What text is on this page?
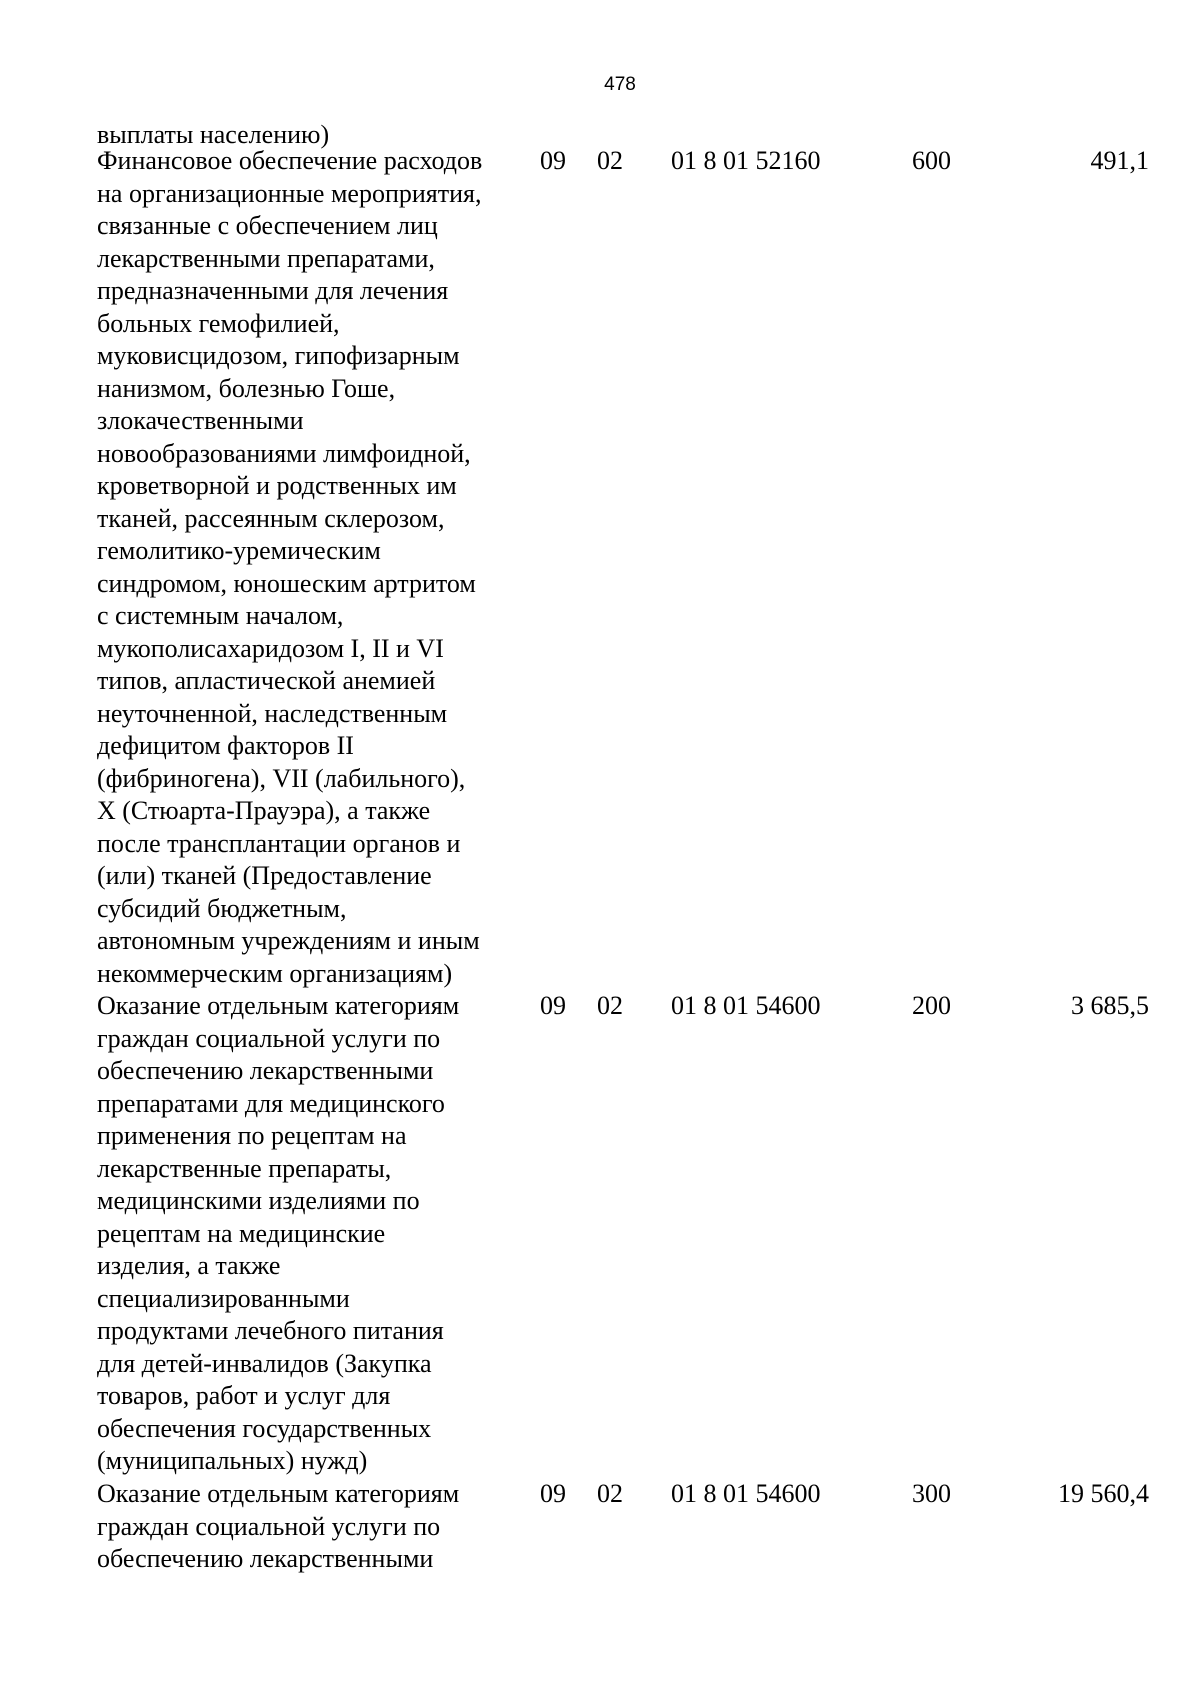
478
выплаты населению)
Финансовое обеспечение расходов
на организационные мероприятия,
связанные с обеспечением лиц
лекарственными препаратами,
предназначенными для лечения
больных гемофилией,
муковисцидозом, гипофизарным
нанизмом, болезнью Гоше,
злокачественными
новообразованиями лимфоидной,
кроветворной и родственных им
тканей, рассеянным склерозом,
гемолитико-уремическим
синдромом, юношеским артритом
с системным началом,
мукополисахаридозом I, II и VI
типов, апластической анемией
неуточненной, наследственным
дефицитом факторов II
(фибриногена), VII (лабильного),
X (Стюарта-Прауэра), а также
после трансплантации органов и
(или) тканей (Предоставление
субсидий бюджетным,
автономным учреждениям и иным
некоммерческим организациям)
09	02	01 8 01 52160	600	491,1
Оказание отдельным категориям
граждан социальной услуги по
обеспечению лекарственными
препаратами для медицинского
применения по рецептам на
лекарственные препараты,
медицинскими изделиями по
рецептам на медицинские
изделия, а также
специализированными
продуктами лечебного питания
для детей-инвалидов (Закупка
товаров, работ и услуг для
обеспечения государственных
(муниципальных) нужд)
09	02	01 8 01 54600	200	3 685,5
Оказание отдельным категориям
граждан социальной услуги по
обеспечению лекарственными
09	02	01 8 01 54600	300	19 560,4
